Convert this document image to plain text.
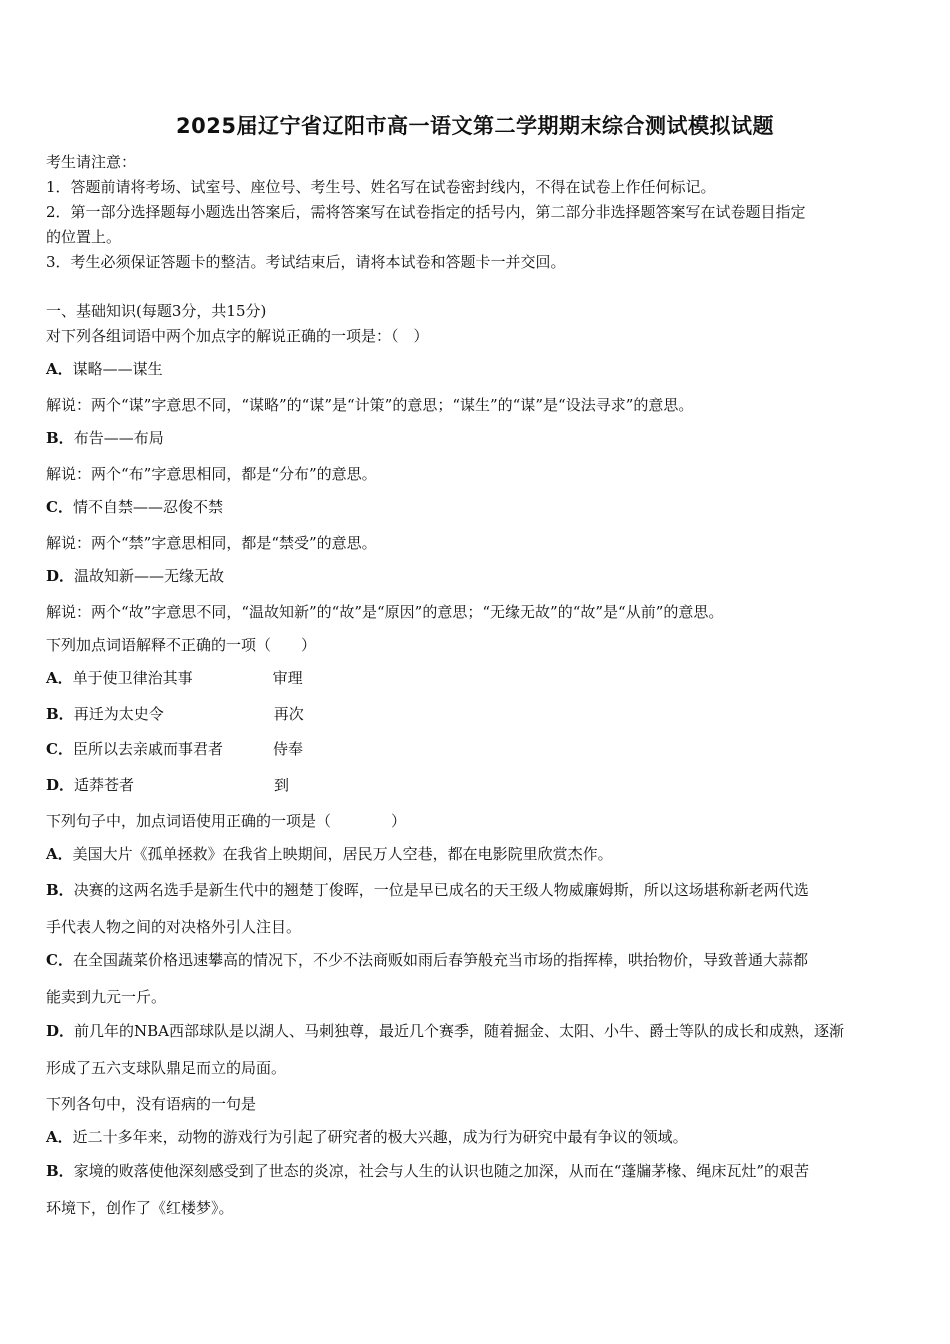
2025届辽宁省辽阳市高一语文第二学期期末综合测试模拟试题
考生请注意：
1．答题前请将考场、试室号、座位号、考生号、姓名写在试卷密封线内，不得在试卷上作任何标记。
2．第一部分选择题每小题选出答案后，需将答案写在试卷指定的括号内，第二部分非选择题答案写在试卷题目指定
的位置上。
3．考生必须保证答题卡的整洁。考试结束后，请将本试卷和答题卡一并交回。
一、基础知识(每题3分，共15分)
对下列各组词语中两个加点字的解说正确的一项是：（　）
A．谋略——谋生
解说：两个“谋”字意思不同，“谋略”的“谋”是“计策”的意思；“谋生”的“谋”是“设法寻求”的意思。
B．布告——布局
解说：两个“布”字意思相同，都是“分布”的意思。
C．情不自禁——忍俊不禁
解说：两个“禁”字意思相同，都是“禁受”的意思。
D．温故知新——无缘无故
解说：两个“故”字意思不同，“温故知新”的“故”是“原因”的意思；“无缘无故”的“故”是“从前”的意思。
下列加点词语解释不正确的一项（　　）
A．单于使卫律治其事	审理
B．再迁为太史令	再次
C．臣所以去亲戚而事君者	侍奉
D．适莽苍者	到
下列句子中，加点词语使用正确的一项是（　　　　）
A．美国大片《孤单拯救》在我省上映期间，居民万人空巷，都在电影院里欣赏杰作。
B．决赛的这两名选手是新生代中的翘楚丁俊晖，一位是早已成名的天王级人物威廉姆斯，所以这场堪称新老两代选
手代表人物之间的对决格外引人注目。
C．在全国蔬菜价格迅速攀高的情况下，不少不法商贩如雨后春笋般充当市场的指挥棒，哄抬物价，导致普通大蒜都
能卖到九元一斤。
D．前几年的NBA西部球队是以湖人、马刺独尊，最近几个赛季，随着掘金、太阳、小牛、爵士等队的成长和成熟，逐渐
形成了五六支球队鼎足而立的局面。
下列各句中，没有语病的一句是
A．近二十多年来，动物的游戏行为引起了研究者的极大兴趣，成为行为研究中最有争议的领域。
B．家境的败落使他深刻感受到了世态的炎凉，社会与人生的认识也随之加深，从而在“蓬牖茅椽、绳床瓦灶”的艰苦
环境下，创作了《红楼梦》。
